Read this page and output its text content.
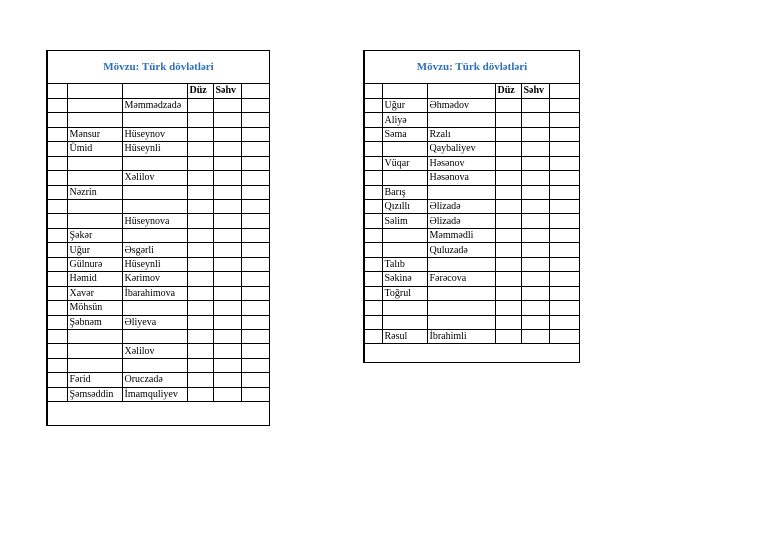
Mövzu: Türk dövlətləri
			Düz	Səhv	
		Məmmədzadə			

	Mənsur	Hüseynov			
	Ümid	Hüseynli			

		Xəlilov			
	Nəzrin				

		Hüseynova			
	Şəkər				
	Uğur	Əsgərli			
	Gülnurə	Hüseynli			
	Həmid	Kərimov			
	Xavər	İbarahimova			
	Möhsün				
	Şəbnəm	Əliyeva			

		Xəlilov			

	Fərid	Oruczadə			
	Şəmsəddin	İmamquliyev			
Mövzu: Türk dövlətləri
			Düz	Səhv	
	Uğur	Əhmədov			
	Aliyə				
	Səma	Rzalı			
		Qaybaliyev			
	Vüqar	Həsənov			
		Həsənova			
	Barış				
	Qızıllı	Əlizadə			
	Səlim	Əlizadə			
		Məmmədli			
		Quluzadə			
	Talıb				
	Səkinə	Fərəcova			
	Toğrul				

	Rəsul	İbrahimli			
